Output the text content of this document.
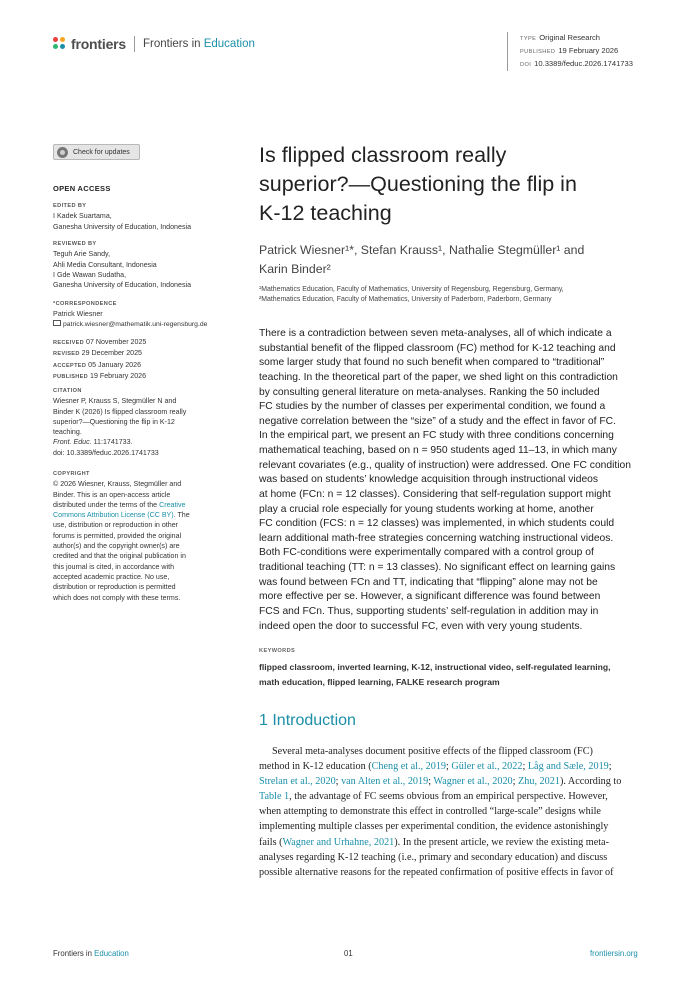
frontiers Frontiers in Education	TYPE Original Research
PUBLISHED 19 February 2026
DOI 10.3389/feduc.2026.1741733
Check for updates
OPEN ACCESS
EDITED BY
I Kadek Suartama,
Ganesha University of Education, Indonesia
REVIEWED BY
Teguh Arie Sandy,
Ahli Media Consultant, Indonesia
I Gde Wawan Sudatha,
Ganesha University of Education, Indonesia
*CORRESPONDENCE
Patrick Wiesner
patrick.wiesner@mathematik.uni-regensburg.de
RECEIVED 07 November 2025
REVISED 29 December 2025
ACCEPTED 05 January 2026
PUBLISHED 19 February 2026
CITATION
Wiesner P, Krauss S, Stegmüller N and
Binder K (2026) Is flipped classroom really
superior?—Questioning the flip in K-12
teaching.
Front. Educ. 11:1741733.
doi: 10.3389/feduc.2026.1741733
COPYRIGHT
© 2026 Wiesner, Krauss, Stegmüller and
Binder. This is an open-access article
distributed under the terms of the Creative
Commons Attribution License (CC BY). The
use, distribution or reproduction in other
forums is permitted, provided the original
author(s) and the copyright owner(s) are
credited and that the original publication in
this journal is cited, in accordance with
accepted academic practice. No use,
distribution or reproduction is permitted
which does not comply with these terms.
Is flipped classroom really
superior?—Questioning the flip in
K-12 teaching
Patrick Wiesner¹*, Stefan Krauss¹, Nathalie Stegmüller¹ and
Karin Binder²
¹Mathematics Education, Faculty of Mathematics, University of Regensburg, Regensburg, Germany,
²Mathematics Education, Faculty of Mathematics, University of Paderborn, Paderborn, Germany
There is a contradiction between seven meta-analyses, all of which indicate a
substantial benefit of the flipped classroom (FC) method for K-12 teaching and
some larger study that found no such benefit when compared to “traditional”
teaching. In the theoretical part of the paper, we shed light on this contradiction
by consulting general literature on meta-analyses. Ranking the 50 included
FC studies by the number of classes per experimental condition, we found a
negative correlation between the “size” of a study and the effect in favor of FC.
In the empirical part, we present an FC study with three conditions concerning
mathematical teaching, based on n = 950 students aged 11–13, in which many
relevant covariates (e.g., quality of instruction) were addressed. One FC condition
was based on students’ knowledge acquisition through instructional videos
at home (FCn: n = 12 classes). Considering that self-regulation support might
play a crucial role especially for young students working at home, another
FC condition (FCS: n = 12 classes) was implemented, in which students could
learn additional math-free strategies concerning watching instructional videos.
Both FC-conditions were experimentally compared with a control group of
traditional teaching (TT: n = 13 classes). No significant effect on learning gains
was found between FCn and TT, indicating that “flipping” alone may not be
more effective per se. However, a significant difference was found between
FCS and FCn. Thus, supporting students’ self-regulation in addition may in
indeed open the door to successful FC, even with very young students.
KEYWORDS
flipped classroom, inverted learning, K-12, instructional video, self-regulated learning,
math education, flipped learning, FALKE research program
1 Introduction
Several meta-analyses document positive effects of the flipped classroom (FC)
method in K-12 education (Cheng et al., 2019; Güler et al., 2022; Låg and Sæle, 2019;
Strelan et al., 2020; van Alten et al., 2019; Wagner et al., 2020; Zhu, 2021). According to
Table 1, the advantage of FC seems obvious from an empirical perspective. However,
when attempting to demonstrate this effect in controlled “large-scale” designs while
implementing multiple classes per experimental condition, the evidence astonishingly
fails (Wagner and Urhahne, 2021). In the present article, we review the existing meta-
analyses regarding K-12 teaching (i.e., primary and secondary education) and discuss
possible alternative reasons for the repeated confirmation of positive effects in favor of
Frontiers in Education	01	frontiersin.org
